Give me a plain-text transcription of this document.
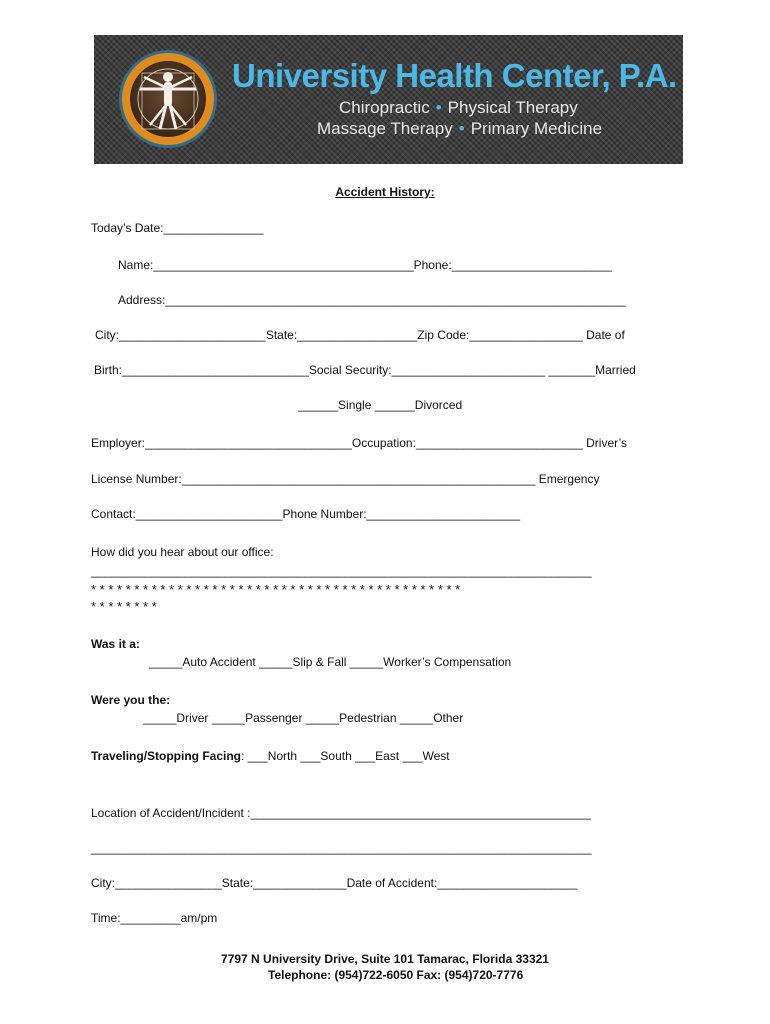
University Health Center, P.A.
Chiropractic • Physical Therapy
Massage Therapy • Primary Medicine
Accident History:
Today’s Date:_______________
Name:_______________________________________Phone:________________________
Address:_____________________________________________________________________
City:______________________State:__________________Zip Code:_________________ Date of
Birth:____________________________Social Security:_______________________ _______Married
______Single ______Divorced
Employer:_______________________________Occupation:_________________________ Driver’s
License Number:_____________________________________________________ Emergency
Contact:______________________Phone Number:_______________________
How did you hear about our office:
___________________________________________________________________________
* * * * * * * * * * * * * * * * * * * * * * * * * * * * * * * * * * * * * * * * * * *
* * * * * * * *
Was it a:
_____Auto Accident _____Slip & Fall _____Worker’s Compensation
Were you the:
_____Driver _____Passenger _____Pedestrian _____Other
Traveling/Stopping Facing: ___North ___South ___East ___West
Location of Accident/Incident :___________________________________________________
___________________________________________________________________________
City:________________State:______________Date of Accident:_____________________
Time:_________am/pm
7797 N University Drive, Suite 101 Tamarac, Florida 33321
Telephone: (954)722-6050 Fax: (954)720-7776
